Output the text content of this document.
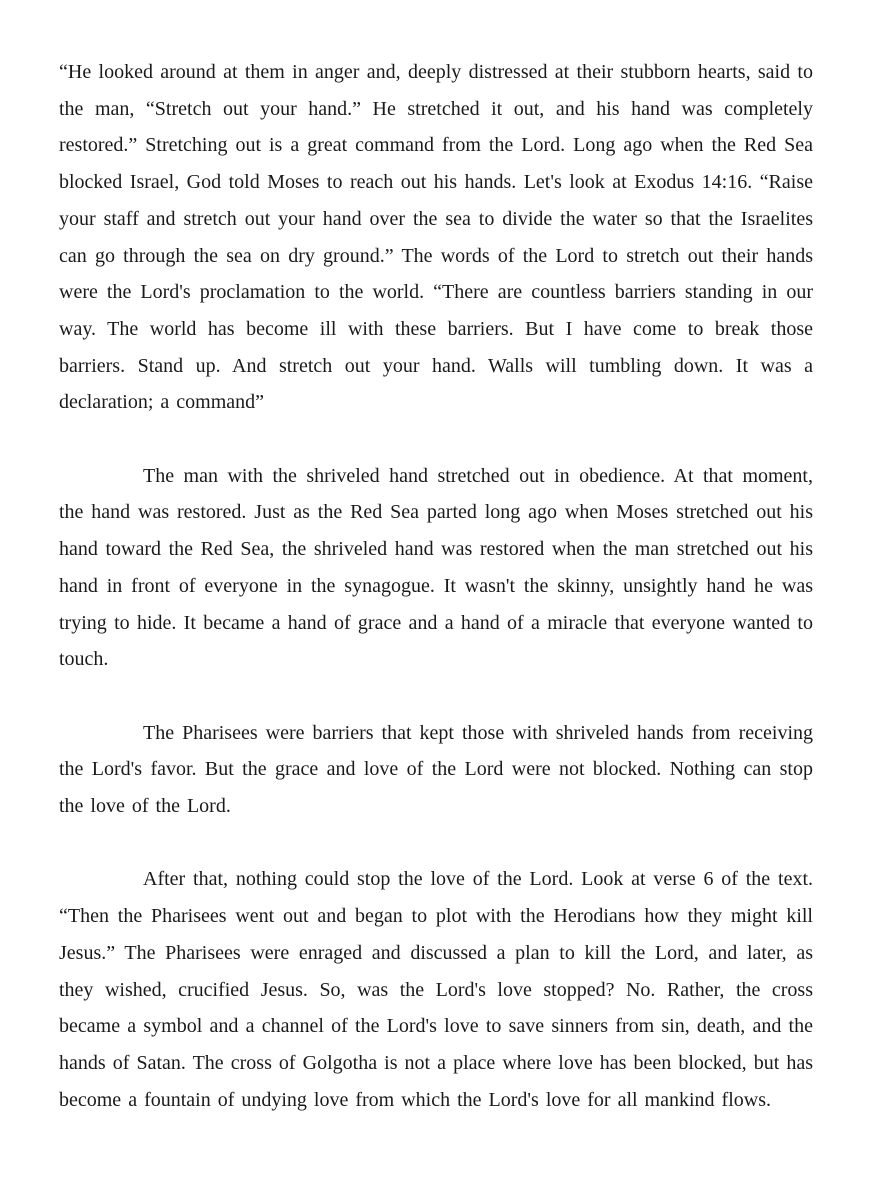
“He looked around at them in anger and, deeply distressed at their stubborn hearts, said to the man, “Stretch out your hand.” He stretched it out, and his hand was completely restored.” Stretching out is a great command from the Lord. Long ago when the Red Sea blocked Israel, God told Moses to reach out his hands. Let's look at Exodus 14:16. “Raise your staff and stretch out your hand over the sea to divide the water so that the Israelites can go through the sea on dry ground.” The words of the Lord to stretch out their hands were the Lord's proclamation to the world. “There are countless barriers standing in our way. The world has become ill with these barriers. But I have come to break those barriers. Stand up. And stretch out your hand. Walls will tumbling down. It was a declaration; a command”

The man with the shriveled hand stretched out in obedience. At that moment, the hand was restored. Just as the Red Sea parted long ago when Moses stretched out his hand toward the Red Sea, the shriveled hand was restored when the man stretched out his hand in front of everyone in the synagogue. It wasn't the skinny, unsightly hand he was trying to hide. It became a hand of grace and a hand of a miracle that everyone wanted to touch.

The Pharisees were barriers that kept those with shriveled hands from receiving the Lord's favor. But the grace and love of the Lord were not blocked. Nothing can stop the love of the Lord.

After that, nothing could stop the love of the Lord. Look at verse 6 of the text. “Then the Pharisees went out and began to plot with the Herodians how they might kill Jesus.” The Pharisees were enraged and discussed a plan to kill the Lord, and later, as they wished, crucified Jesus. So, was the Lord's love stopped? No. Rather, the cross became a symbol and a channel of the Lord's love to save sinners from sin, death, and the hands of Satan. The cross of Golgotha is not a place where love has been blocked, but has become a fountain of undying love from which the Lord's love for all mankind flows.
